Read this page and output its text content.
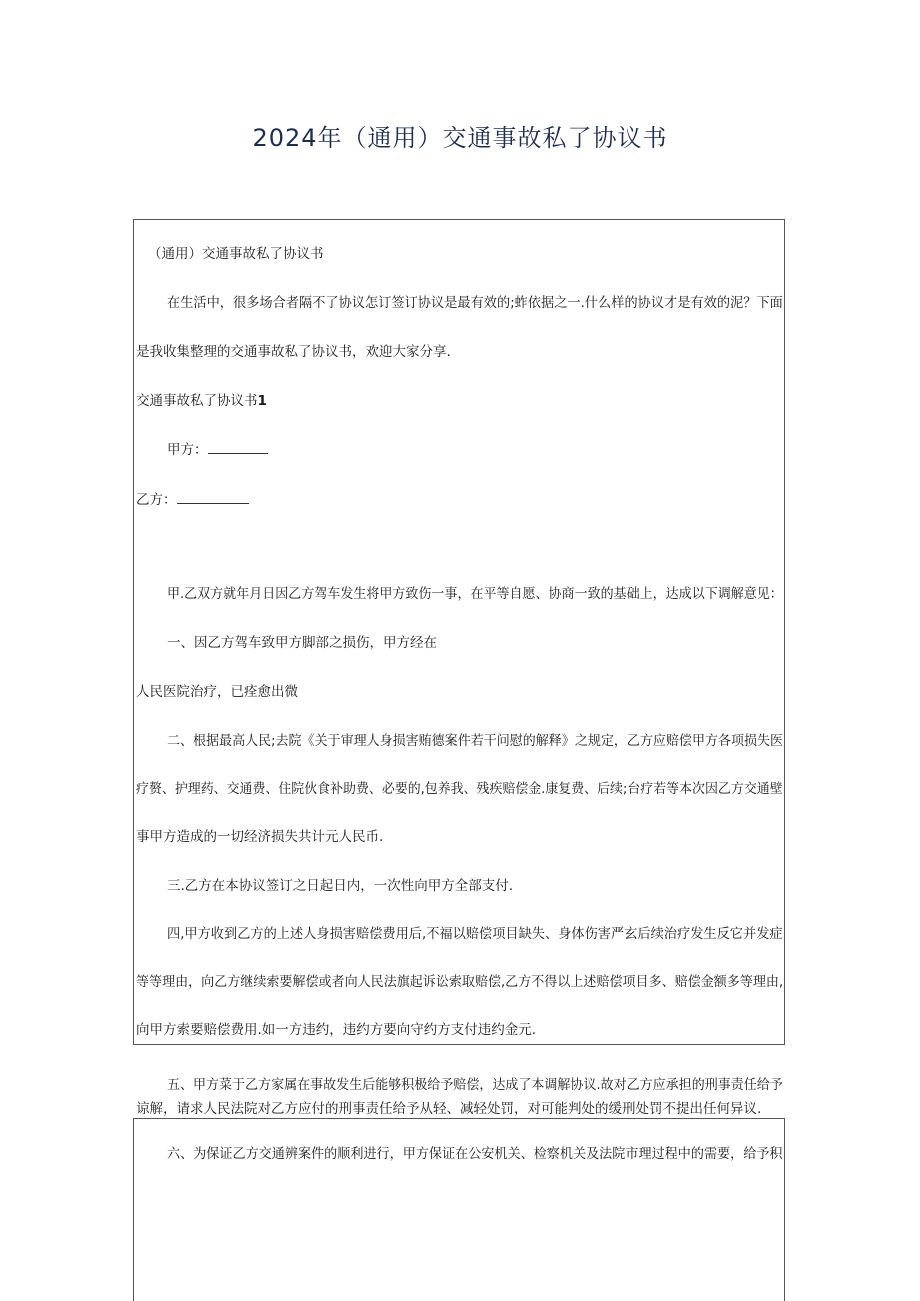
2024年（通用）交通事故私了协议书

（通用）交通事故私了协议书

在生活中，很多场合者隔不了协议怎订签订协议是最有效的;蚱依据之一.什么样的协议才是有效的泥？下面

是我收集整理的交通事故私了协议书，欢迎大家分享.

交通事故私了协议书1

甲方：

乙方：

甲.乙双方就年月日因乙方驾车发生将甲方致伤一事，在平等自愿、协商一致的基础上，达成以下调解意见：

一、因乙方驾车致甲方脚部之损伤，甲方经在

人民医院治疗，已痊愈出微

二、根据最高人民;去院《关于审理人身损害贿德案件若干问慰的解释》之规定，乙方应赔偿甲方各项损失医

疗赘、护理药、交通费、住院伙食补助费、必要的,包养我、残疾赔偿金.康复费、后续;台疗若等本次因乙方交通壁

事甲方造成的一切经济损失共计元人民币.

三.乙方在本协议签订之日起日内，一次性向甲方全部支付.

四,甲方收到乙方的上述人身损害赔偿费用后,不福以赔偿项目缺失、身体伤害严玄后续治疗发生反它并发症

等等理由，向乙方继续索要解偿或者向人民法旗起诉讼索取赔偿,乙方不得以上述赔偿项目多、赔偿金额多等理由,

向甲方索要赔偿费用.如一方违约，违约方要向守约方支付违约金元.

五、甲方菜于乙方家属在事故发生后能够积极给予赔偿，达成了本调解协议.故对乙方应承担的刑事责任给予

谅解，请求人民法院对乙方应付的刑事责任给予从轻、减轻处罚，对可能判处的缓刑处罚不提出任何异议.

六、为保证乙方交通辨案件的顺利进行，甲方保证在公安机关、检察机关及法院市理过程中的需要，给予积
